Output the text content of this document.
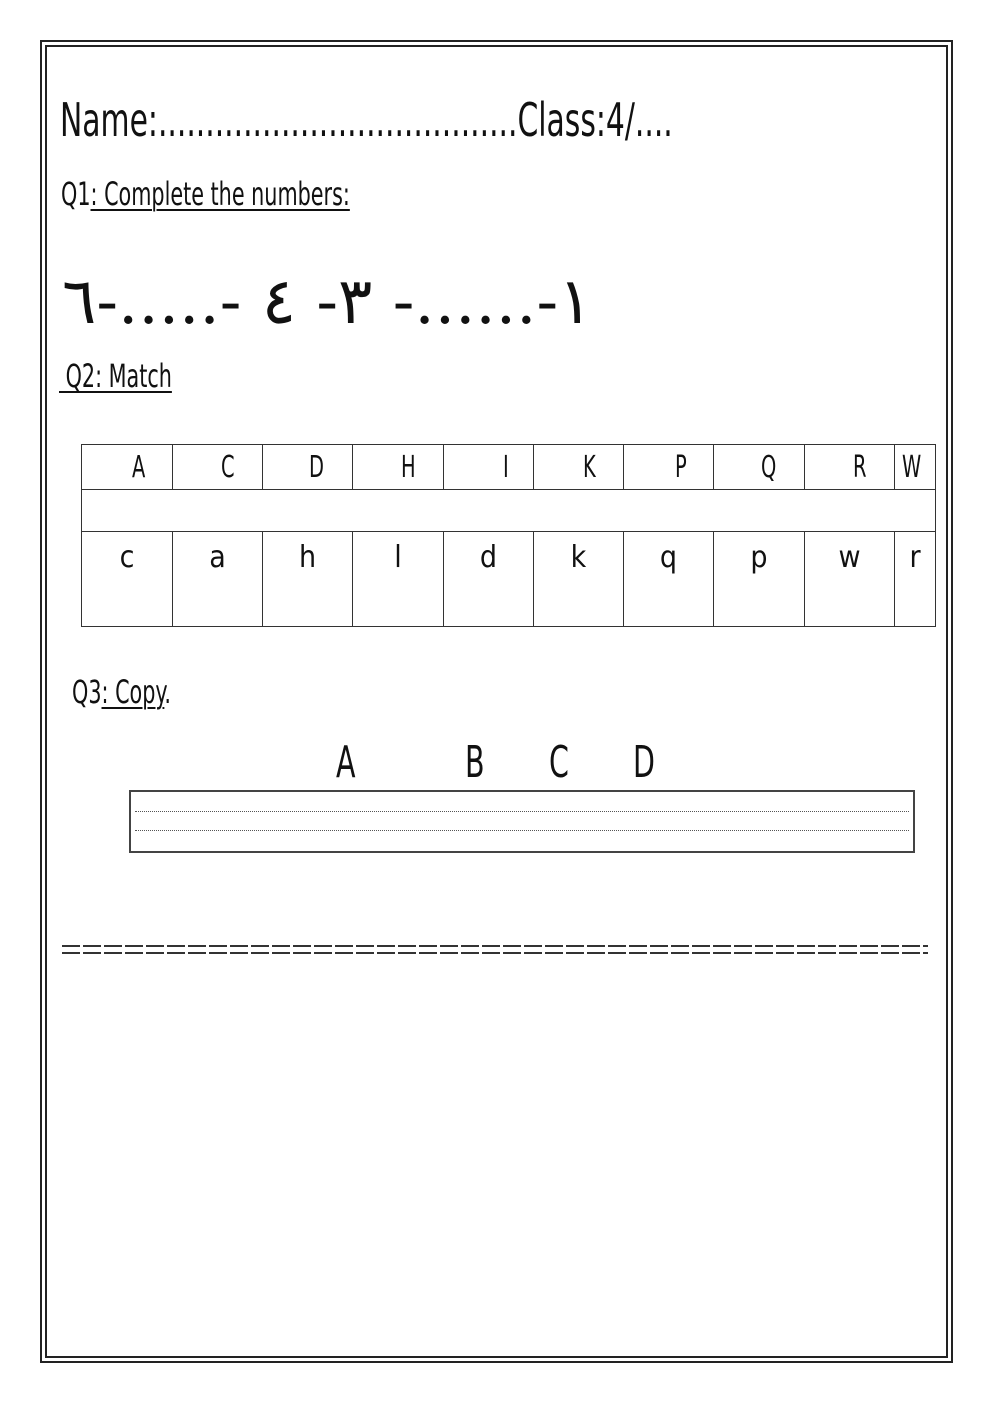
Name:......................................Class:4/....
Q1: Complete the numbers:
١-......- ٣- ٤ -.....-٦
Q2: Match
A	C	D	H	I	K	P	Q	R	W

c	a	h	l	d	k	q	p	w	r
Q3: Copy.
A B C D
